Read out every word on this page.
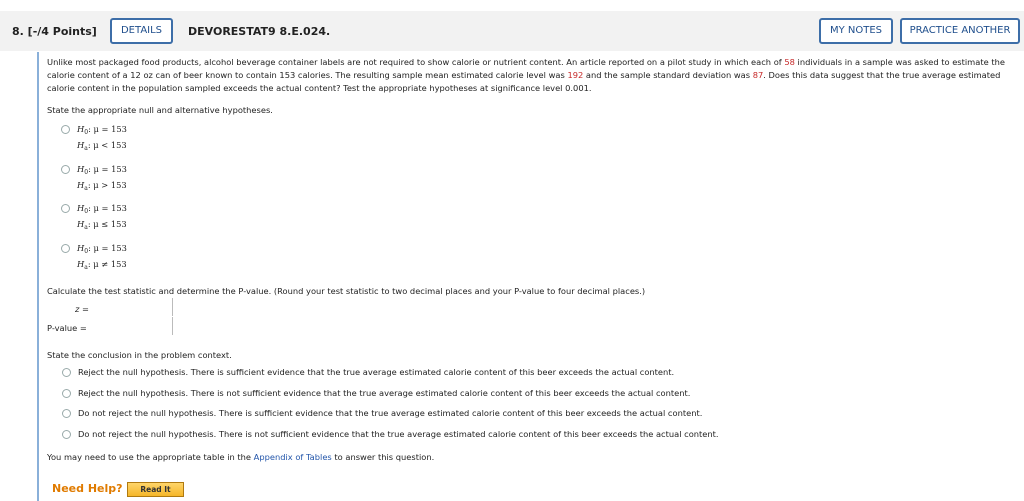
8. [-/4 Points]	DETAILS	DEVORESTAT9 8.E.024.	MY NOTES	PRACTICE ANOTHER
Unlike most packaged food products, alcohol beverage container labels are not required to show calorie or nutrient content. An article reported on a pilot study in which each of 58 individuals in a sample was asked to estimate the calorie content of a 12 oz can of beer known to contain 153 calories. The resulting sample mean estimated calorie level was 192 and the sample standard deviation was 87. Does this data suggest that the true average estimated calorie content in the population sampled exceeds the actual content? Test the appropriate hypotheses at significance level 0.001.
State the appropriate null and alternative hypotheses.
$H_0$: μ = 153
$H_a$: μ < 153
$H_0$: μ = 153
$H_a$: μ > 153
$H_0$: μ = 153
$H_a$: μ ≤ 153
$H_0$: μ = 153
$H_a$: μ ≠ 153
Calculate the test statistic and determine the P-value. (Round your test statistic to two decimal places and your P-value to four decimal places.)
z =
P-value =
State the conclusion in the problem context.
Reject the null hypothesis. There is sufficient evidence that the true average estimated calorie content of this beer exceeds the actual content.
Reject the null hypothesis. There is not sufficient evidence that the true average estimated calorie content of this beer exceeds the actual content.
Do not reject the null hypothesis. There is sufficient evidence that the true average estimated calorie content of this beer exceeds the actual content.
Do not reject the null hypothesis. There is not sufficient evidence that the true average estimated calorie content of this beer exceeds the actual content.
You may need to use the appropriate table in the Appendix of Tables to answer this question.
Need Help?	Read It
